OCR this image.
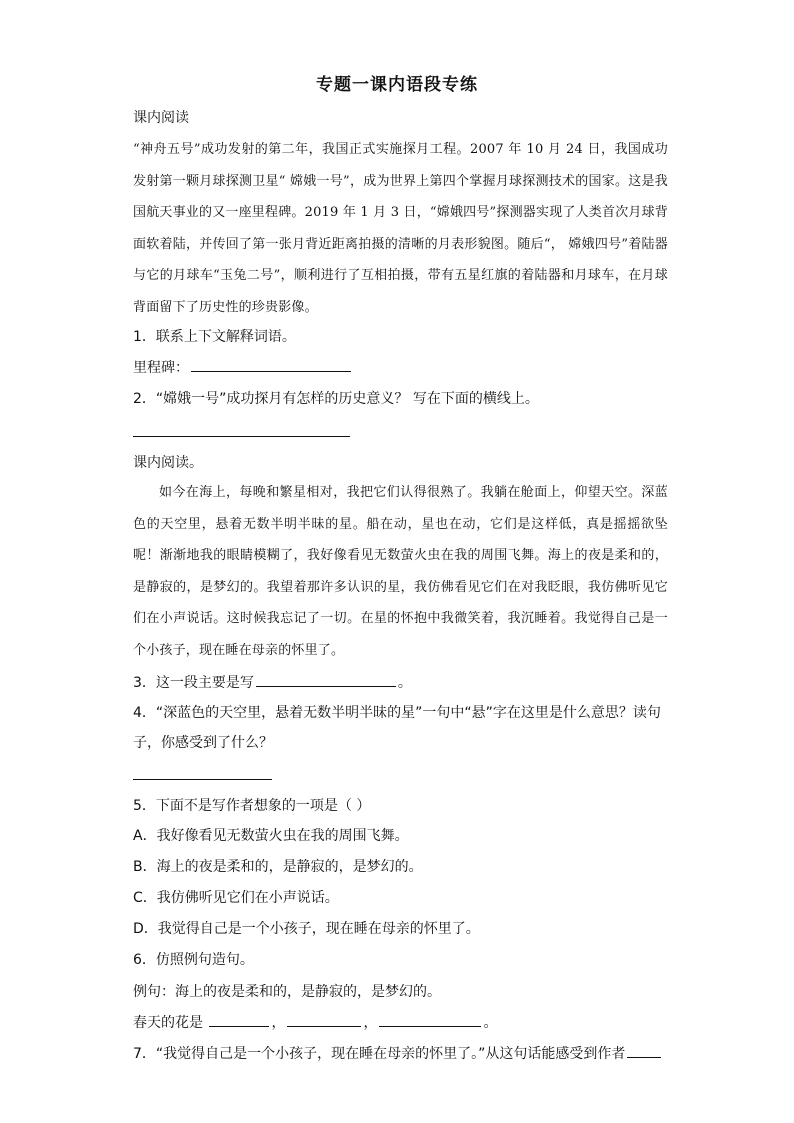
专题一课内语段专练
课内阅读

“神舟五号”成功发射的第二年，我国正式实施探月工程。2007 年 10 月 24 日，我国成功发射第一颗月球探测卫星“ 嫦娥一号”，成为世界上第四个掌握月球探测技术的国家。这是我国航天事业的又一座里程碑。2019 年 1 月 3 日，“嫦娥四号”探测器实现了人类首次月球背面软着陆，并传回了第一张月背近距离拍摄的清晰的月表形貌图。随后“， 嫦娥四号”着陆器与它的月球车“玉兔二号”，顺利进行了互相拍摄，带有五星红旗的着陆器和月球车，在月球背面留下了历史性的珍贵影像。

1．联系上下文解释词语。
里程碑：
2．“嫦娥一号”成功探月有怎样的历史意义？ 写在下面的横线上。
课内阅读。

如今在海上，每晚和繁星相对，我把它们认得很熟了。我躺在舱面上，仰望天空。深蓝色的天空里，悬着无数半明半昧的星。船在动，星也在动，它们是这样低，真是摇摇欲坠呢！渐渐地我的眼睛模糊了，我好像看见无数萤火虫在我的周围飞舞。海上的夜是柔和的，是静寂的，是梦幻的。我望着那许多认识的星，我仿佛看见它们在对我眨眼，我仿佛听见它们在小声说话。这时候我忘记了一切。在星的怀抱中我微笑着，我沉睡着。我觉得自己是一个小孩子，现在睡在母亲的怀里了。

3．这一段主要是写	。
4．“深蓝色的天空里，悬着无数半明半昧的星”一句中“悬”字在这里是什么意思？读句
子，你感受到了什么？
5．下面不是写作者想象的一项是（ ）
A．我好像看见无数萤火虫在我的周围飞舞。
B．海上的夜是柔和的，是静寂的，是梦幻的。
C．我仿佛听见它们在小声说话。
D．我觉得自己是一个小孩子，现在睡在母亲的怀里了。
6．仿照例句造句。
例句：海上的夜是柔和的，是静寂的，是梦幻的。
春天的花是	，	，	。
7．“我觉得自己是一个小孩子，现在睡在母亲的怀里了。”从这句话能感受到作者
